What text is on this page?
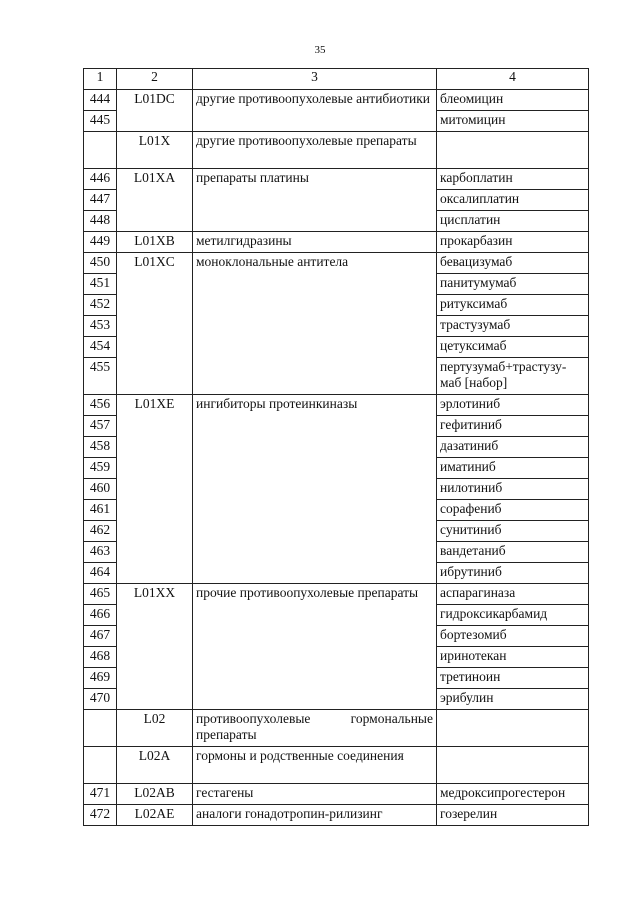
35
1	2	3	4
444	L01DC	другие противоопухолевые антибиотики	блеомицин
445			митомицин
	L01X	другие противоопухолевые препараты	
446	L01XA	препараты платины	карбоплатин
447			оксалиплатин
448			цисплатин
449	L01XB	метилгидразины	прокарбазин
450	L01XC	моноклональные антитела	бевацизумаб
451			панитумумаб
452			ритуксимаб
453			трастузумаб
454			цетуксимаб
455			пертузумаб+трастузу-маб [набор]
456	L01XE	ингибиторы протеинкиназы	эрлотиниб
457			гефитиниб
458			дазатиниб
459			иматиниб
460			нилотиниб
461			сорафениб
462			сунитиниб
463			вандетаниб
464			ибрутиниб
465	L01XX	прочие противоопухолевые препараты	аспарагиназа
466			гидроксикарбамид
467			бортезомиб
468			иринотекан
469			третиноин
470			эрибулин
	L02	противоопухолевые гормональные препараты	
	L02A	гормоны и родственные соединения	
471	L02AB	гестагены	медроксипрогестерон
472	L02AE	аналоги гонадотропин-рилизинг	гозерелин
